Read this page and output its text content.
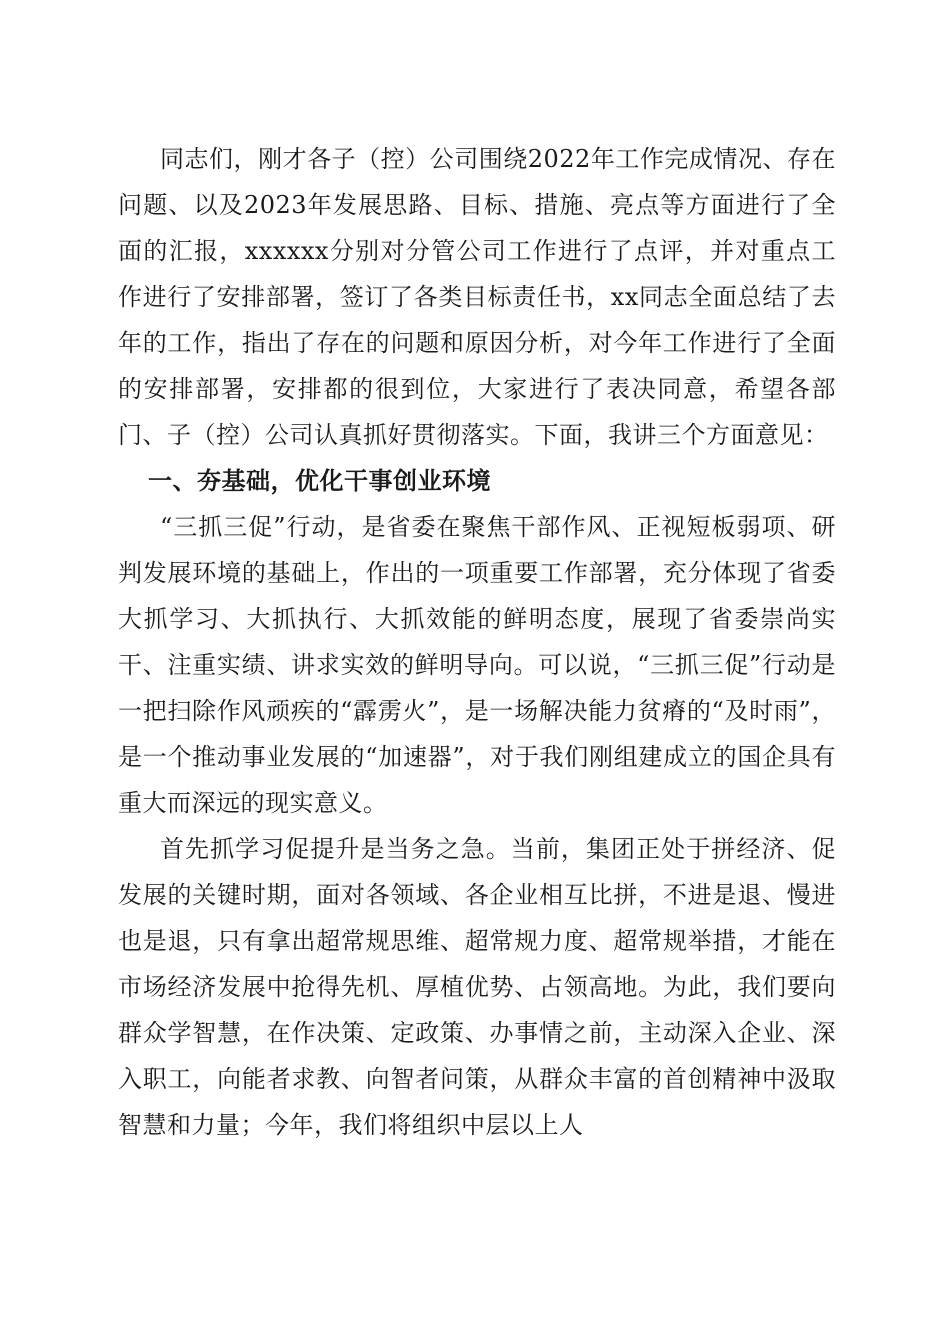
同志们，刚才各子（控）公司围绕2022年工作完成情况、存在问题、以及2023年发展思路、目标、措施、亮点等方面进行了全面的汇报，xxxxxx分别对分管公司工作进行了点评，并对重点工作进行了安排部署，签订了各类目标责任书，xx同志全面总结了去年的工作，指出了存在的问题和原因分析，对今年工作进行了全面的安排部署，安排都的很到位，大家进行了表决同意，希望各部门、子（控）公司认真抓好贯彻落实。下面，我讲三个方面意见：

一、夯基础，优化干事创业环境

“三抓三促”行动，是省委在聚焦干部作风、正视短板弱项、研判发展环境的基础上，作出的一项重要工作部署，充分体现了省委大抓学习、大抓执行、大抓效能的鲜明态度，展现了省委崇尚实干、注重实绩、讲求实效的鲜明导向。可以说，“三抓三促”行动是一把扫除作风顽疾的“霹雳火”，是一场解决能力贫瘠的“及时雨”，是一个推动事业发展的“加速器”，对于我们刚组建成立的国企具有重大而深远的现实意义。

首先抓学习促提升是当务之急。当前，集团正处于拼经济、促发展的关键时期，面对各领域、各企业相互比拼，不进是退、慢进也是退，只有拿出超常规思维、超常规力度、超常规举措，才能在市场经济发展中抢得先机、厚植优势、占领高地。为此，我们要向群众学智慧，在作决策、定政策、办事情之前，主动深入企业、深入职工，向能者求教、向智者问策，从群众丰富的首创精神中汲取智慧和力量；今年，我们将组织中层以上人
